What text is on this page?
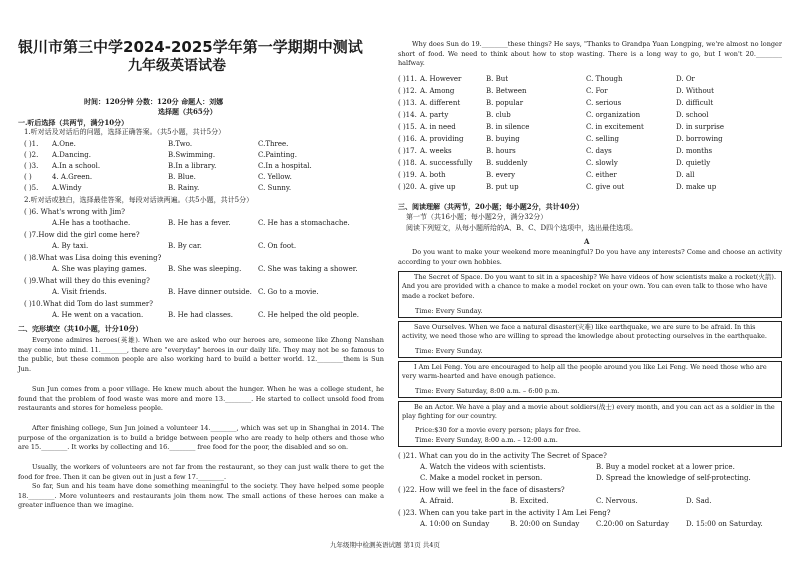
银川市第三中学2024-2025学年第一学期期中测试
九年级英语试卷
时间：120分钟 分数：120分 命题人：刘娜
选择题（共65分）
一.听后选择（共两节，满分10分）
1.听对话及对话后的问题，选择正确答案。（共5小题，共计5分）
( )1. A.One.	B.Two.	C.Three.
( )2. A.Dancing.	B.Swimming.	C.Painting.
( )3. A.In a school.	B.In a library.	C.In a hospital.
( )	4. A.Green.	B. Blue.	C. Yellow.
( )5. A.Windy	B. Rainy.	C. Sunny.
2.听对话或独白，选择最佳答案，每段对话读两遍。（共5小题，共计5分）
( )6. What's wrong with Jim?
A.He has a toothache.	B. He has a fever.	C. He has a stomachache.
( )7.How did the girl come here?
A. By taxi.	B. By car.	C. On foot.
( )8.What was Lisa doing this evening?
A. She was playing games.	B. She was sleeping. C. She was taking a shower.
( )9.What will they do this evening?
A. Visit friends.	B. Have dinner outside. C. Go to a movie.
( )10.What did Tom do last summer?
A. He went on a vacation.	B. He had classes.	C. He helped the old people.
二、完形填空（共10小题，计分10分）
Everyone admires heroes(英雄). When we are asked who our heroes are, someone like Zhong Nanshan may come into mind. 11.________, there are "everyday" heroes in our daily life. They may not be so famous to the public, but these common people are also working hard to build a better world. 12.________them is Sun Jun.
Sun Jun comes from a poor village. He knew much about the hunger. When he was a college student, he found that the problem of food waste was more and more 13.________. He started to collect unsold food from restaurants and stores for homeless people.
After finishing college, Sun Jun joined a volunteer 14.________, which was set up in Shanghai in 2014. The purpose of the organization is to build a bridge between people who are ready to help others and those who are 15.________. It works by collecting and 16.________ free food for the poor, the disabled and so on.
Usually, the workers of volunteers are not far from the restaurant, so they can just walk there to get the food for free. Then it can be given out in just a few 17.________.
So far, Sun and his team have done something meaningful to the society. They have helped some people 18.________. More volunteers and restaurants join them now. The small actions of these heroes can make a greater influence than we imagine.
Why does Sun do 19.________these things? He says, "Thanks to Grandpa Yuan Longping, we're almost no longer short of food. We need to think about how to stop wasting. There is a long way to go, but I won't 20.________ halfway.
( )11. A. However	B. But	C. Though	D. Or
( )12. A. Among	B. Between	C. For	D. Without
( )13. A. different	B. popular	C. serious	D. difficult
( )14. A. party	B. club	C. organization	D. school
( )15. A. in need	B. in silence	C. in excitement	D. in surprise
( )16. A. providing	B. buying	C. selling	D. borrowing
( )17. A. weeks	B. hours	C. days	D. months
( )18. A. successfully B. suddenly	C. slowly	D. quietly
( )19. A. both	B. every	C. either	D. all
( )20. A. give up	B. put up	C. give out	D. make up
三、阅读理解（共两节，20小题；每小题2分，共计40分）
第一节（共16小题；每小题2分，满分32分）
阅读下列短文，从每小题所给的A、B、C、D四个选项中，选出最佳选项。
A
Do you want to make your weekend more meaningful? Do you have any interests? Come and choose an activity according to your own hobbies.
The Secret of Space. Do you want to sit in a spaceship? We have videos of how scientists make a rocket(火箭). And you are provided with a chance to make a model rocket on your own. You can even talk to those who have made a rocket before.
Time: Every Sunday.
Save Ourselves. When we face a natural disaster(灾难) like earthquake, we are sure to be afraid. In this activity, we need those who are willing to spread the knowledge about protecting ourselves in the earthquake.
Time: Every Sunday.
I Am Lei Feng. You are encouraged to help all the people around you like Lei Feng. We need those who are very warm-hearted and have enough patience.
Time: Every Saturday, 8:00 a.m. – 6:00 p.m.
Be an Actor. We have a play and a movie about soldiers(战士) every month, and you can act as a soldier in the play fighting for our country.
Price:$30 for a movie every person; plays for free.
Time: Every Sunday, 8:00 a.m. – 12:00 a.m.
( )21. What can you do in the activity The Secret of Space?
A. Watch the videos with scientists.	B. Buy a model rocket at a lower price.
C. Make a model rocket in person.	D. Spread the knowledge of self-protecting.
( )22. How will we feel in the face of disasters?
A. Afraid.	B. Excited.	C. Nervous.	D. Sad.
( )23. When can you take part in the activity I Am Lei Feng?
A. 10:00 on Sunday	B. 20:00 on Sunday C.20:00 on Saturday D. 15:00 on Saturday.
九年级期中检测英语试题 第1页 共4页
